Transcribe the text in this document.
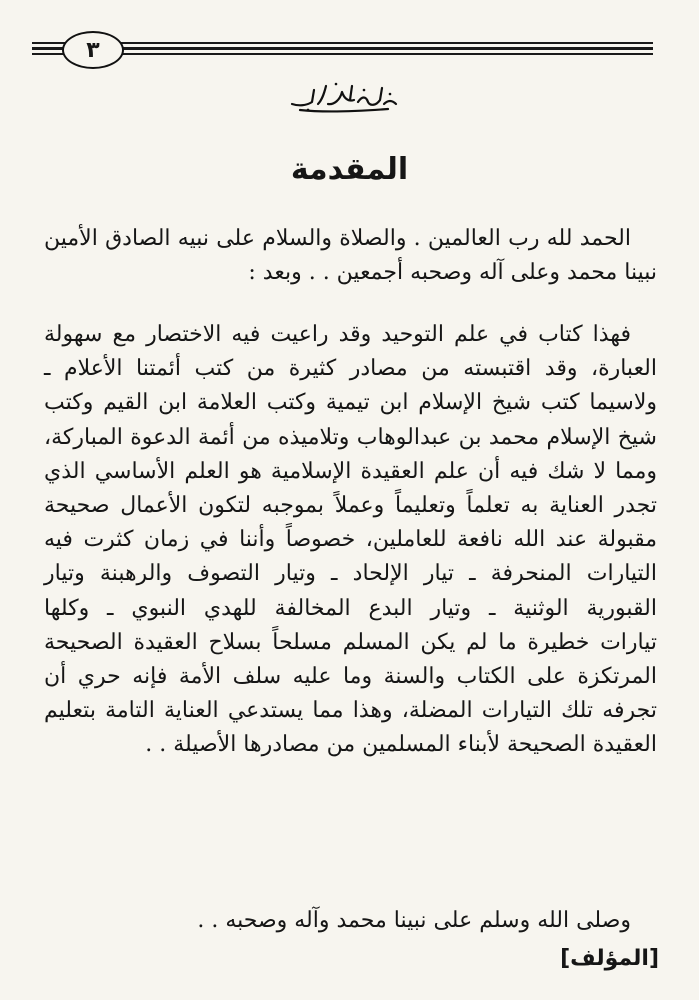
٣
المقدمة
الحمد لله رب العالمين . والصلاة والسلام على نبيه الصادق الأمين
نبينا محمد وعلى آله وصحبه أجمعين . . وبعد :
فهذا كتاب في علم التوحيد وقد راعيت فيه الاختصار مع سهولة
العبارة، وقد اقتبسته من مصادر كثيرة من كتب أئمتنا الأعلام ـ
ولاسيما كتب شيخ الإسلام ابن تيمية وكتب العلامة ابن القيم وكتب
شيخ الإسلام محمد بن عبدالوهاب وتلاميذه من أئمة الدعوة المباركة،
ومما لا شك فيه أن علم العقيدة الإسلامية هو العلم الأساسي الذي
تجدر العناية به تعلماً وتعليماً وعملاً بموجبه لتكون الأعمال صحيحة
مقبولة عند الله نافعة للعاملين، خصوصاً وأننا في زمان كثرت فيه
التيارات المنحرفة ـ تيار الإلحاد ـ وتيار التصوف والرهبنة وتيار
القبورية الوثنية ـ وتيار البدع المخالفة للهدي النبوي ـ وكلها
تيارات خطيرة ما لم يكن المسلم مسلحاً بسلاح العقيدة الصحيحة
المرتكزة على الكتاب والسنة وما عليه سلف الأمة فإنه حري أن
تجرفه تلك التيارات المضلة، وهذا مما يستدعي العناية التامة بتعليم
العقيدة الصحيحة لأبناء المسلمين من مصادرها الأصيلة . .
وصلى الله وسلم على نبينا محمد وآله وصحبه . .
[المؤلف]
